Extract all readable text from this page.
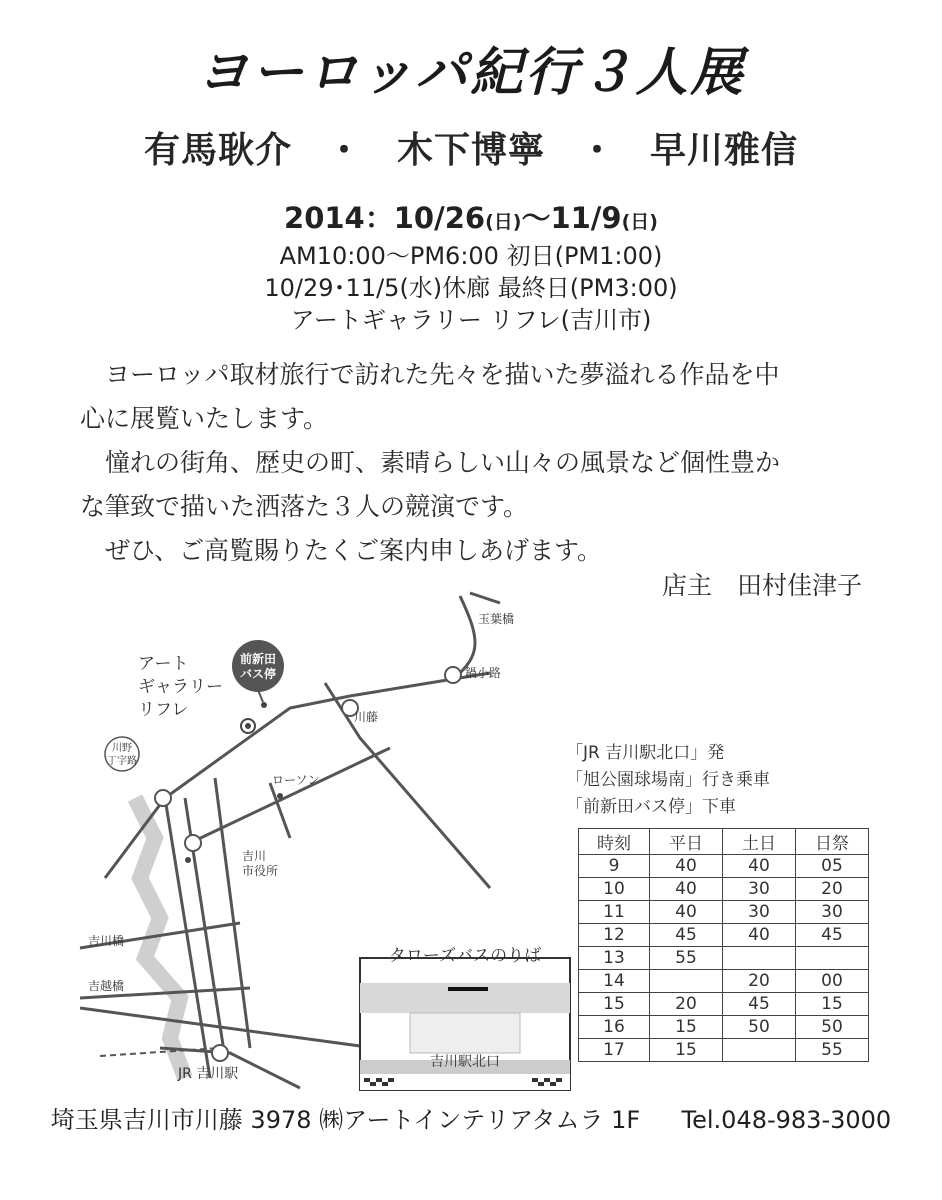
ヨーロッパ紀行３人展
有馬耿介 ・ 木下博寧 ・ 早川雅信
2014：10/26(日)〜11/9(日)
AM10:00〜PM6:00 初日(PM1:00)
10/29･11/5(水)休廊 最終日(PM3:00)
アートギャラリー リフレ(吉川市)
ヨーロッパ取材旅行で訪れた先々を描いた夢溢れる作品を中
心に展覧いたします。
憧れの街角、歴史の町、素晴らしい山々の風景など個性豊か
な筆致で描いた洒落た３人の競演です。
ぜひ、ご高覧賜りたくご案内申しあげます。
店主　田村佳津子
前新田
バス停
アート
ギャラリー
リフレ
玉葉橋
鍋小路
川藤
川野
丁字路
ローソン
吉川
市役所
吉川橋
吉越橋
JR 吉川駅
タローズバスのりば
吉川駅北口
「JR 吉川駅北口」発
「旭公園球場南」行き乗車
「前新田バス停」下車
時刻	平日	土日	日祭
9	40	40	05
10	40	30	20
11	40	30	30
12	45	40	45
13	55		
14		20	00
15	20	45	15
16	15	50	50
17	15		55
埼玉県吉川市川藤 3978 ㈱アートインテリアタムラ 1F Tel.048-983-3000
